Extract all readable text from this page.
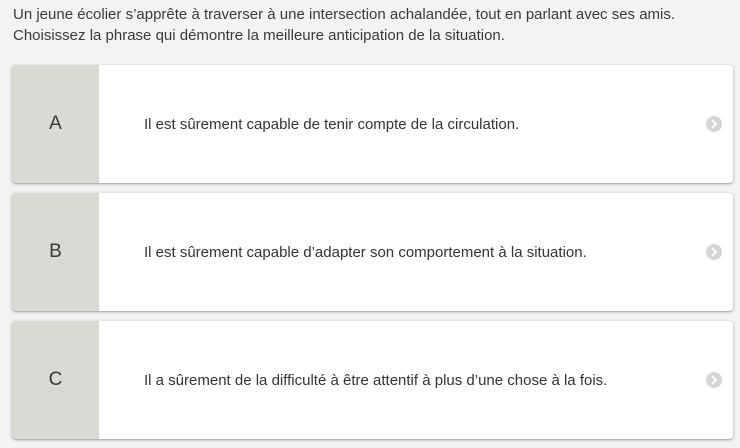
Un jeune écolier s’apprête à traverser à une intersection achalandée, tout en parlant avec ses amis.

Choisissez la phrase qui démontre la meilleure anticipation de la situation.

A	Il est sûrement capable de tenir compte de la circulation.
B	Il est sûrement capable d’adapter son comportement à la situation.
C	Il a sûrement de la difficulté à être attentif à plus d’une chose à la fois.
